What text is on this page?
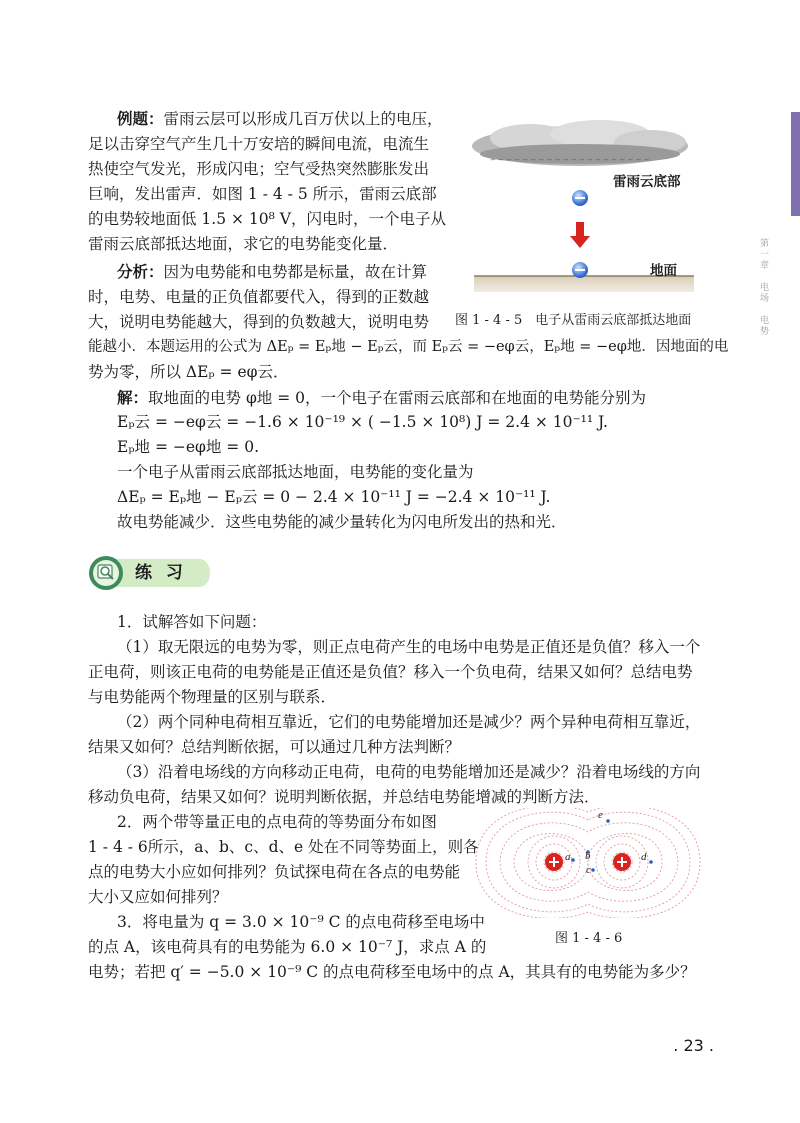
第一章　电场　电势
例题：雷雨云层可以形成几百万伏以上的电压，
足以击穿空气产生几十万安培的瞬间电流，电流生
热使空气发光，形成闪电；空气受热突然膨胀发出
巨响，发出雷声．如图 1 - 4 - 5 所示，雷雨云底部
的电势较地面低 1.5 × 10⁸ V，闪电时，一个电子从
雷雨云底部抵达地面，求它的电势能变化量．
分析：因为电势能和电势都是标量，故在计算
时，电势、电量的正负值都要代入，得到的正数越
大，说明电势能越大，得到的负数越大，说明电势
能越小．本题运用的公式为 ΔEₚ = Eₚ地 − Eₚ云，而 Eₚ云 = −eφ云，Eₚ地 = −eφ地．因地面的电
势为零，所以 ΔEₚ = eφ云．
解：取地面的电势 φ地 = 0，一个电子在雷雨云底部和在地面的电势能分别为
Eₚ云 = −eφ云 = −1.6 × 10⁻¹⁹ × ( −1.5 × 10⁸) J = 2.4 × 10⁻¹¹ J.
Eₚ地 = −eφ地 = 0.
一个电子从雷雨云底部抵达地面，电势能的变化量为
ΔEₚ = Eₚ地 − Eₚ云 = 0 − 2.4 × 10⁻¹¹ J = −2.4 × 10⁻¹¹ J.
故电势能减少．这些电势能的减少量转化为闪电所发出的热和光．
− − − − − − − − − − − − − − − − − − − −
雷雨云底部
地面
图 1 - 4 - 5　电子从雷雨云底部抵达地面
练 习
1．试解答如下问题：
（1）取无限远的电势为零，则正点电荷产生的电场中电势是正值还是负值？移入一个
正电荷，则该正电荷的电势能是正值还是负值？移入一个负电荷，结果又如何？总结电势
与电势能两个物理量的区别与联系．
（2）两个同种电荷相互靠近，它们的电势能增加还是减少？两个异种电荷相互靠近，
结果又如何？总结判断依据，可以通过几种方法判断？
（3）沿着电场线的方向移动正电荷，电荷的电势能增加还是减少？沿着电场线的方向
移动负电荷，结果又如何？说明判断依据，并总结电势能增减的判断方法．
2．两个带等量正电的点电荷的等势面分布如图
1 - 4 - 6所示，a、b、c、d、e 处在不同等势面上，则各
点的电势大小应如何排列？负试探电荷在各点的电势能
大小又应如何排列？
3．将电量为 q = 3.0 × 10⁻⁹ C 的点电荷移至电场中
的点 A，该电荷具有的电势能为 6.0 × 10⁻⁷ J，求点 A 的
电势；若把 q′ = −5.0 × 10⁻⁹ C 的点电荷移至电场中的点 A，其具有的电势能为多少？
a b
c
d
e
图 1 - 4 - 6
. 23 .
